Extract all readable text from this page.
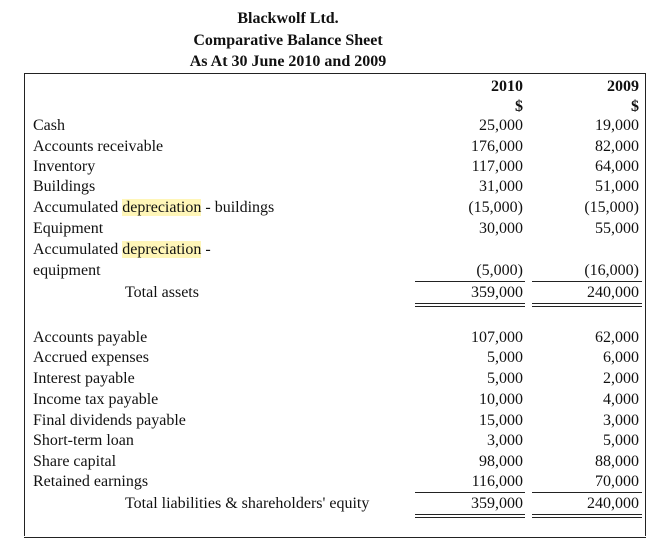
Blackwolf Ltd.
Comparative Balance Sheet
As At 30 June 2010 and 2009
2010	2009
$	$
Cash	25,000	19,000
Accounts receivable	176,000	82,000
Inventory	117,000	64,000
Buildings	31,000	51,000
Accumulated depreciation - buildings	(15,000)	(15,000)
Equipment	30,000	55,000
Accumulated depreciation -
equipment	(5,000)	(16,000)
Total assets	359,000	240,000
Accounts payable	107,000	62,000
Accrued expenses	5,000	6,000
Interest payable	5,000	2,000
Income tax payable	10,000	4,000
Final dividends payable	15,000	3,000
Short-term loan	3,000	5,000
Share capital	98,000	88,000
Retained earnings	116,000	70,000
Total liabilities & shareholders' equity	359,000	240,000
